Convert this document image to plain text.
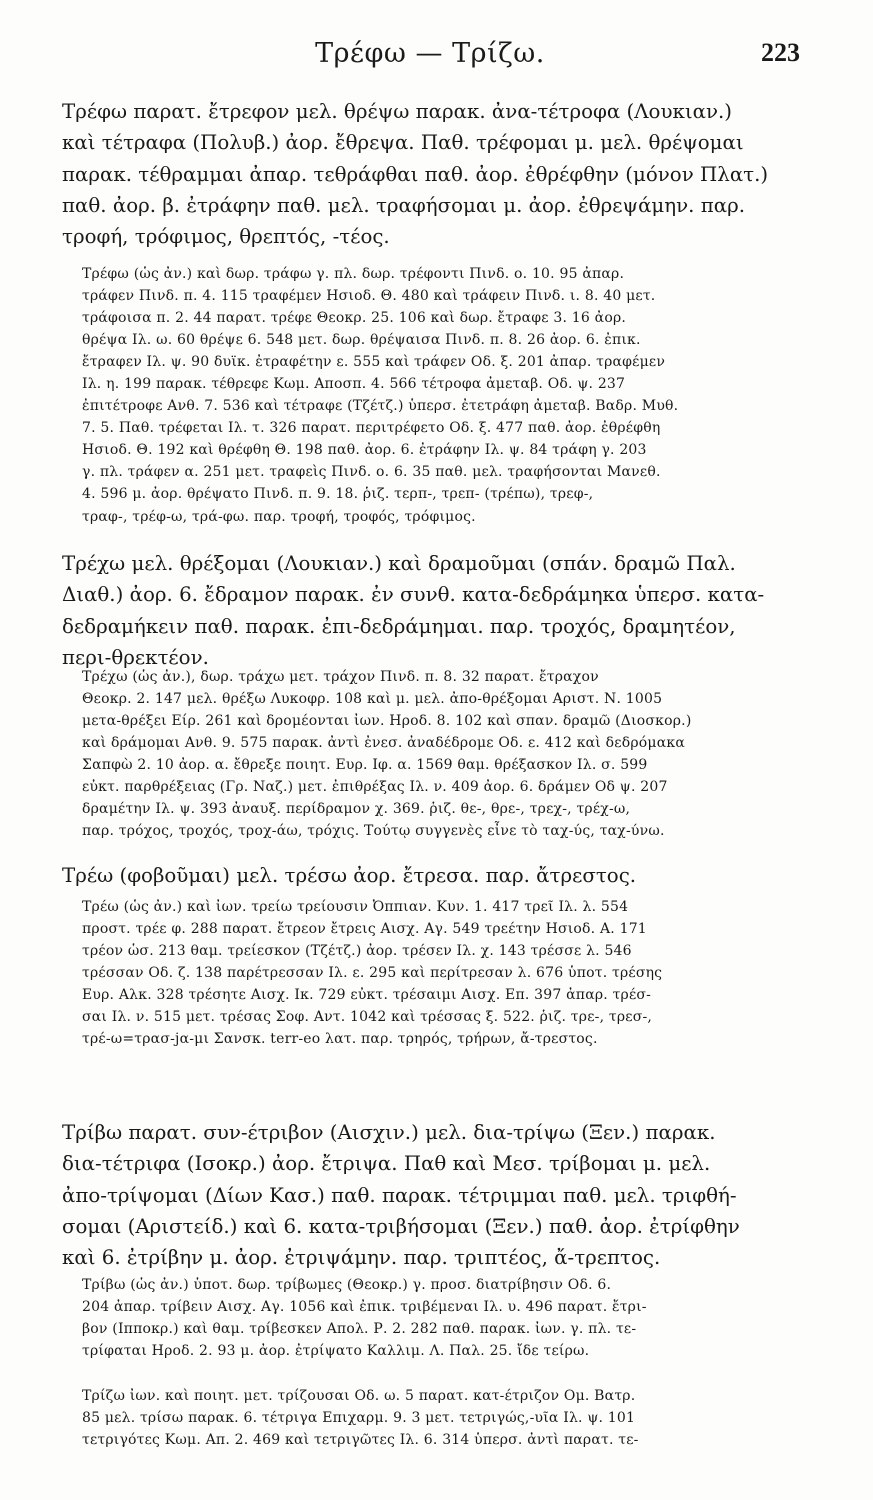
Τρέφω — Τρίζω.	223
Τρέφω παρατ. ἔτρεφον μελ. θρέψω παρακ. ἀνα-τέτροφα (Λουκιαν.)
καὶ τέτραφα (Πολυβ.) ἀορ. ἔθρεψα. Παθ. τρέφομαι μ. μελ. θρέψομαι
παρακ. τέθραμμαι ἀπαρ. τεθράφθαι παθ. ἀορ. ἐθρέφθην (μόνον Πλατ.)
παθ. ἀορ. β. ἐτράφην παθ. μελ. τραφήσομαι μ. ἀορ. ἐθρεψάμην. παρ.
τροφή, τρόφιμος, θρεπτός, -τέος.
Τρέφω (ὡς ἀν.) καὶ δωρ. τράφω γ. πλ. δωρ. τρέφοντι Πινδ. ο. 10. 95 ἀπαρ.
τράφεν Πινδ. π. 4. 115 τραφέμεν Ησιοδ. Θ. 480 καὶ τράφειν Πινδ. ι. 8. 40 μετ.
τράφοισα π. 2. 44 παρατ. τρέφε Θεοκρ. 25. 106 καὶ δωρ. ἔτραφε 3. 16 ἀορ.
θρέψα Ιλ. ω. 60 θρέψε 6. 548 μετ. δωρ. θρέψαισα Πινδ. π. 8. 26 ἀορ. 6. ἐπικ.
ἔτραφεν Ιλ. ψ. 90 δυϊκ. ἐτραφέτην ε. 555 καὶ τράφεν Οδ. ξ. 201 ἀπαρ. τραφέμεν
Ιλ. η. 199 παρακ. τέθρεφε Κωμ. Αποσπ. 4. 566 τέτροφα ἀμεταβ. Οδ. ψ. 237
ἐπιτέτροφε Ανθ. 7. 536 καὶ τέτραφε (Τζέτζ.) ὑπερσ. ἐτετράφη ἀμεταβ. Βαδρ. Μυθ.
7. 5. Παθ. τρέφεται Ιλ. τ. 326 παρατ. περιτρέφετο Οδ. ξ. 477 παθ. ἀορ. ἐθρέφθη
Ησιοδ. Θ. 192 καὶ θρέφθη Θ. 198 παθ. ἀορ. 6. ἐτράφην Ιλ. ψ. 84 τράφη γ. 203
γ. πλ. τράφεν α. 251 μετ. τραφεὶς Πινδ. ο. 6. 35 παθ. μελ. τραφήσονται Μανεθ.
4. 596 μ. ἀορ. θρέψατο Πινδ. π. 9. 18. ῥιζ. τερπ-, τρεπ- (τρέπω), τρεφ-,
τραφ-, τρέφ-ω, τρά-φω. παρ. τροφή, τροφός, τρόφιμος.
Τρέχω μελ. θρέξομαι (Λουκιαν.) καὶ δραμοῦμαι (σπάν. δραμῶ Παλ.
Διαθ.) ἀορ. 6. ἔδραμον παρακ. ἐν συνθ. κατα-δεδράμηκα ὑπερσ. κατα-
δεδραμήκειν παθ. παρακ. ἐπι-δεδράμημαι. παρ. τροχός, δραμητέον,
περι-θρεκτέον.
Τρέχω (ὡς ἀν.), δωρ. τράχω μετ. τράχον Πινδ. π. 8. 32 παρατ. ἔτραχον
Θεοκρ. 2. 147 μελ. θρέξω Λυκοφρ. 108 καὶ μ. μελ. ἀπο-θρέξομαι Αριστ. Ν. 1005
μετα-θρέξει Είρ. 261 καὶ δρομέονται ἰων. Ηροδ. 8. 102 καὶ σπαν. δραμῶ (Διοσκορ.)
καὶ δράμομαι Ανθ. 9. 575 παρακ. ἀντὶ ἐνεσ. ἀναδέδρομε Οδ. ε. 412 καὶ δεδρόμακα
Σαπφὼ 2. 10 ἀορ. α. ἔθρεξε ποιητ. Ευρ. Ιφ. α. 1569 θαμ. θρέξασκον Ιλ. σ. 599
εὐκτ. παρθρέξειας (Γρ. Ναζ.) μετ. ἐπιθρέξας Ιλ. ν. 409 ἀορ. 6. δράμεν Οδ ψ. 207
δραμέτην Ιλ. ψ. 393 ἀναυξ. περίδραμον χ. 369. ῥιζ. θε-, θρε-, τρεχ-, τρέχ-ω,
παρ. τρόχος, τροχός, τροχ-άω, τρόχις. Τούτῳ συγγενὲς εἶνε τὸ ταχ-ύς, ταχ-ύνω.
Τρέω (φοβοῦμαι) μελ. τρέσω ἀορ. ἔτρεσα. παρ. ἄτρεστος.
Τρέω (ὡς ἀν.) καὶ ἰων. τρείω τρείουσιν Ὀππιαν. Κυν. 1. 417 τρεῖ Ιλ. λ. 554
προστ. τρέε φ. 288 παρατ. ἔτρεον ἔτρεις Αισχ. Αγ. 549 τρεέτην Ησιοδ. Α. 171
τρέον ὡσ. 213 θαμ. τρείεσκον (Τζέτζ.) ἀορ. τρέσεν Ιλ. χ. 143 τρέσσε λ. 546
τρέσσαν Οδ. ζ. 138 παρέτρεσσαν Ιλ. ε. 295 καὶ περίτρεσαν λ. 676 ὑποτ. τρέσης
Ευρ. Αλκ. 328 τρέσητε Αισχ. Ικ. 729 εὐκτ. τρέσαιμι Αισχ. Επ. 397 ἀπαρ. τρέσ-
σαι Ιλ. ν. 515 μετ. τρέσας Σοφ. Αντ. 1042 καὶ τρέσσας ξ. 522. ῥιζ. τρε-, τρεσ-,
τρέ-ω=τρασ-jα-μι Σανσκ. terr-eo λατ. παρ. τρηρός, τρήρων, ἄ-τρεστος.
Τρίβω παρατ. συν-έτριβον (Αισχιν.) μελ. δια-τρίψω (Ξεν.) παρακ.
δια-τέτριφα (Ισοκρ.) ἀορ. ἔτριψα. Παθ καὶ Μεσ. τρίβομαι μ. μελ.
ἀπο-τρίψομαι (Δίων Κασ.) παθ. παρακ. τέτριμμαι παθ. μελ. τριφθή-
σομαι (Αριστείδ.) καὶ 6. κατα-τριβήσομαι (Ξεν.) παθ. ἀορ. ἐτρίφθην
καὶ 6. ἐτρίβην μ. ἀορ. ἐτριψάμην. παρ. τριπτέος, ἄ-τρεπτος.
Τρίβω (ὡς ἀν.) ὑποτ. δωρ. τρίβωμες (Θεοκρ.) γ. προσ. διατρίβησιν Οδ. 6.
204 ἀπαρ. τρίβειν Αισχ. Αγ. 1056 καὶ ἐπικ. τριβέμεναι Ιλ. υ. 496 παρατ. ἔτρι-
βον (Ιπποκρ.) καὶ θαμ. τρίβεσκεν Απολ. Ρ. 2. 282 παθ. παρακ. ἰων. γ. πλ. τε-
τρίφαται Ηροδ. 2. 93 μ. ἀορ. ἐτρίψατο Καλλιμ. Λ. Παλ. 25. ἴδε τείρω.
Τρίζω ἰων. καὶ ποιητ. μετ. τρίζουσαι Οδ. ω. 5 παρατ. κατ-έτριζον Ομ. Βατρ.
85 μελ. τρίσω παρακ. 6. τέτριγα Επιχαρμ. 9. 3 μετ. τετριγώς,-υῖα Ιλ. ψ. 101
τετριγότες Κωμ. Απ. 2. 469 καὶ τετριγῶτες Ιλ. 6. 314 ὑπερσ. ἀντὶ παρατ. τε-
